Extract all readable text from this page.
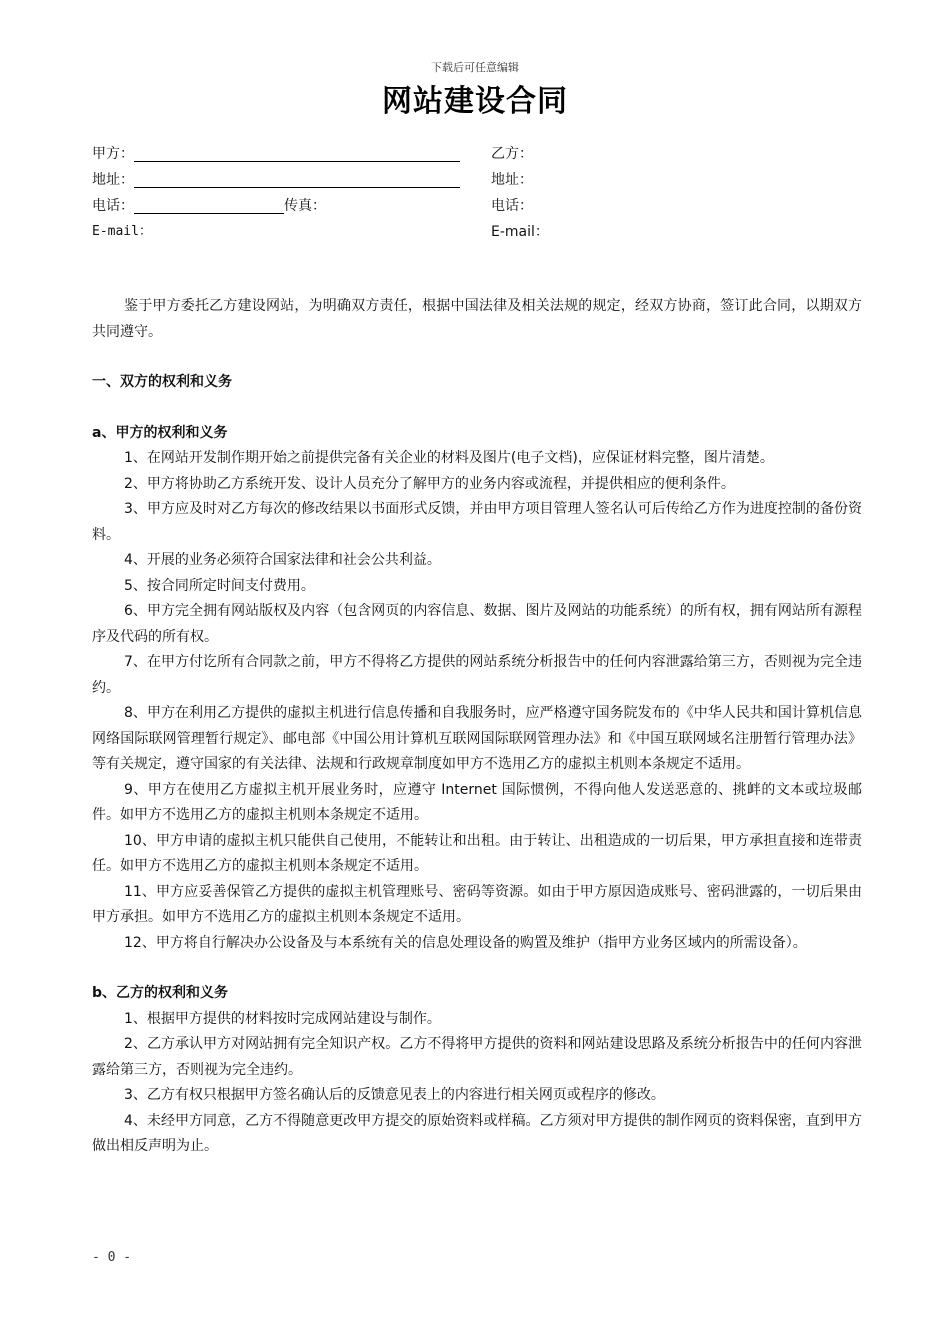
下载后可任意编辑
网站建设合同
甲方：
地址：
电话：	传真：
E-mail：
乙方：
地址：
电话：
E-mail：

鉴于甲方委托乙方建设网站，为明确双方责任，根据中国法律及相关法规的规定，经双方协商，签订此合同，以期双方共同遵守。

一、双方的权利和义务

a、甲方的权利和义务

1、在网站开发制作期开始之前提供完备有关企业的材料及图片(电子文档)，应保证材料完整，图片清楚。

2、甲方将协助乙方系统开发、设计人员充分了解甲方的业务内容或流程，并提供相应的便利条件。

3、甲方应及时对乙方每次的修改结果以书面形式反馈，并由甲方项目管理人签名认可后传给乙方作为进度控制的备份资料。

4、开展的业务必须符合国家法律和社会公共利益。

5、按合同所定时间支付费用。

6、甲方完全拥有网站版权及内容（包含网页的内容信息、数据、图片及网站的功能系统）的所有权，拥有网站所有源程序及代码的所有权。

7、在甲方付讫所有合同款之前，甲方不得将乙方提供的网站系统分析报告中的任何内容泄露给第三方，否则视为完全违约。

8、甲方在利用乙方提供的虚拟主机进行信息传播和自我服务时，应严格遵守国务院发布的《中华人民共和国计算机信息网络国际联网管理暂行规定》、邮电部《中国公用计算机互联网国际联网管理办法》和《中国互联网域名注册暂行管理办法》等有关规定，遵守国家的有关法律、法规和行政规章制度如甲方不选用乙方的虚拟主机则本条规定不适用。

9、甲方在使用乙方虚拟主机开展业务时，应遵守 Internet 国际惯例，不得向他人发送恶意的、挑衅的文本或垃圾邮件。如甲方不选用乙方的虚拟主机则本条规定不适用。

10、甲方申请的虚拟主机只能供自己使用，不能转让和出租。由于转让、出租造成的一切后果，甲方承担直接和连带责任。如甲方不选用乙方的虚拟主机则本条规定不适用。

11、甲方应妥善保管乙方提供的虚拟主机管理账号、密码等资源。如由于甲方原因造成账号、密码泄露的，一切后果由甲方承担。如甲方不选用乙方的虚拟主机则本条规定不适用。

12、甲方将自行解决办公设备及与本系统有关的信息处理设备的购置及维护（指甲方业务区域内的所需设备）。

b、乙方的权利和义务

1、根据甲方提供的材料按时完成网站建设与制作。

2、乙方承认甲方对网站拥有完全知识产权。乙方不得将甲方提供的资料和网站建设思路及系统分析报告中的任何内容泄露给第三方，否则视为完全违约。

3、乙方有权只根据甲方签名确认后的反馈意见表上的内容进行相关网页或程序的修改。

4、未经甲方同意，乙方不得随意更改甲方提交的原始资料或样稿。乙方须对甲方提供的制作网页的资料保密，直到甲方做出相反声明为止。

- 0 -
